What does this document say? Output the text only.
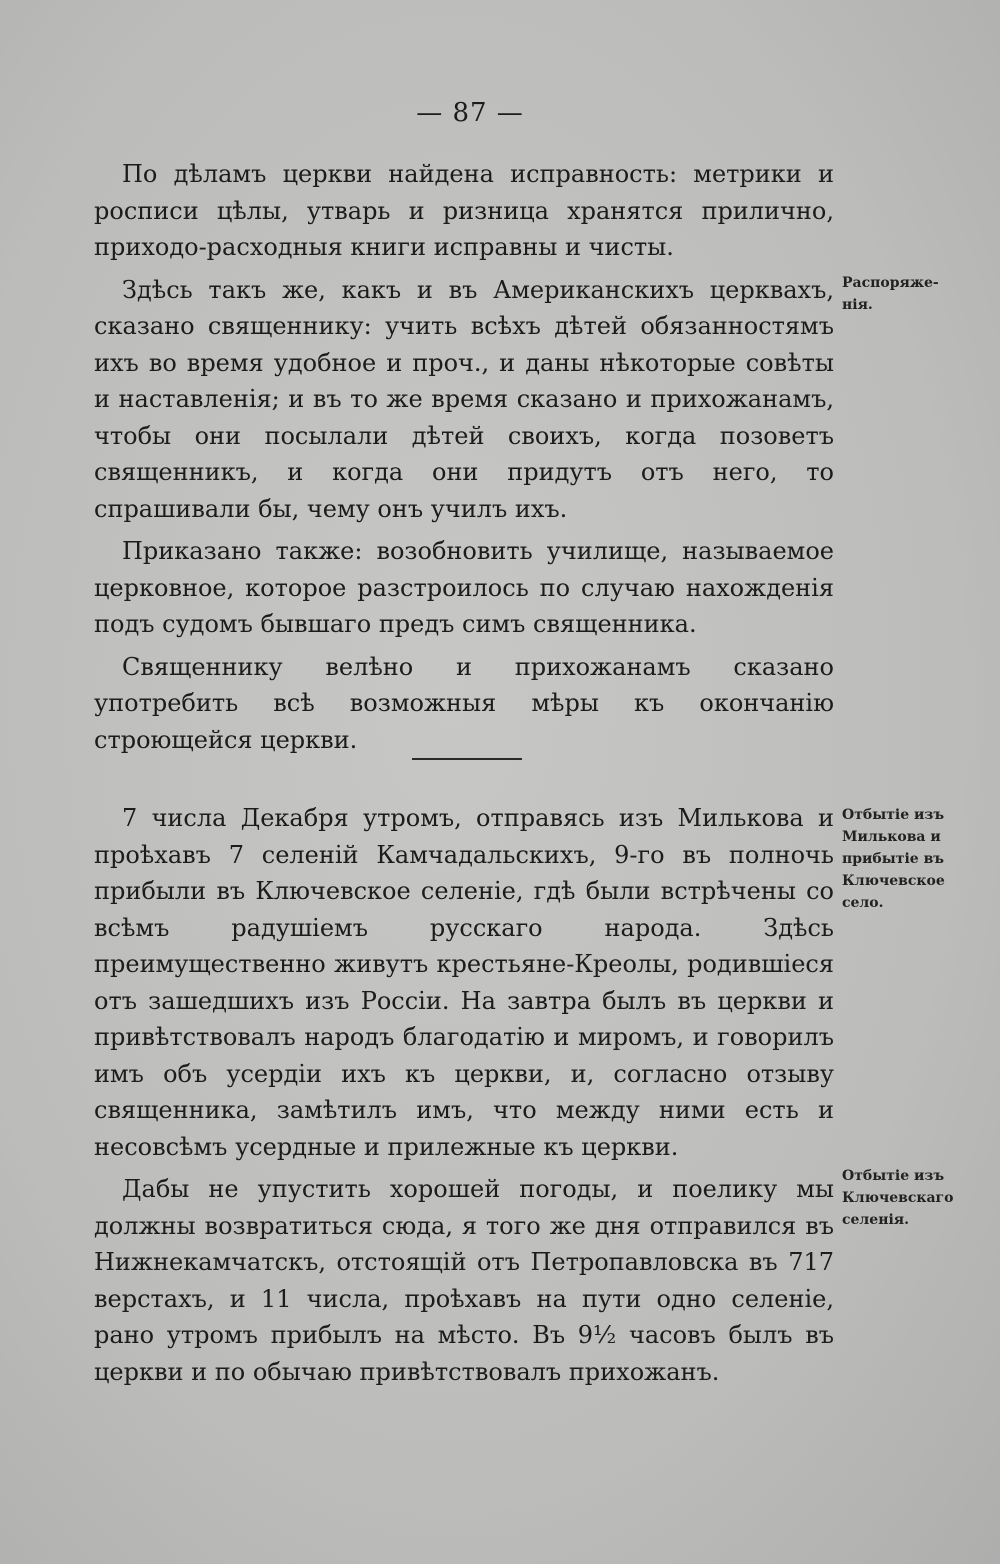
— 87 —

По дѣламъ церкви найдена исправность: метрики и росписи цѣлы, утварь и ризница хранятся прилично, приходо-расходныя книги исправны и чисты.

Здѣсь такъ же, какъ и въ Американскихъ церквахъ, сказано священнику: учить всѣхъ дѣтей обязанностямъ ихъ во время удобное и проч., и даны нѣкоторые совѣты и наставленія; и въ то же время сказано и прихожанамъ, чтобы они посылали дѣтей своихъ, когда позоветъ священникъ, и когда они придутъ отъ него, то спрашивали бы, чему онъ училъ ихъ.

Приказано также: возобновить училище, называемое церковное, которое разстроилось по случаю нахожденія подъ судомъ бывшаго предъ симъ священника.

Священнику велѣно и прихожанамъ сказано употребить всѣ возможныя мѣры къ окончанію строющейся церкви.

7 числа Декабря утромъ, отправясь изъ Милькова и проѣхавъ 7 селеній Камчадальскихъ, 9-го въ полночь прибыли въ Ключевское селеніе, гдѣ были встрѣчены со всѣмъ радушіемъ русскаго народа. Здѣсь преимущественно живутъ крестьяне-Креолы, родившіеся отъ зашедшихъ изъ Россіи. На завтра былъ въ церкви и привѣтствовалъ народъ благодатію и миромъ, и говорилъ имъ объ усердіи ихъ къ церкви, и, согласно отзыву священника, замѣтилъ имъ, что между ними есть и несовсѣмъ усердные и прилежные къ церкви.

Дабы не упустить хорошей погоды, и поелику мы должны возвратиться сюда, я того же дня отправился въ Нижнекамчатскъ, отстоящій отъ Петропавловска въ 717 верстахъ, и 11 числа, проѣхавъ на пути одно селеніе, рано утромъ прибылъ на мѣсто. Въ 9½ часовъ былъ въ церкви и по обычаю привѣтствовалъ прихожанъ.

Распоряже-
нія.
Отбытіе изъ
Милькова и
прибытіе въ
Ключевское
село.
Отбытіе изъ
Ключевскаго
селенія.
